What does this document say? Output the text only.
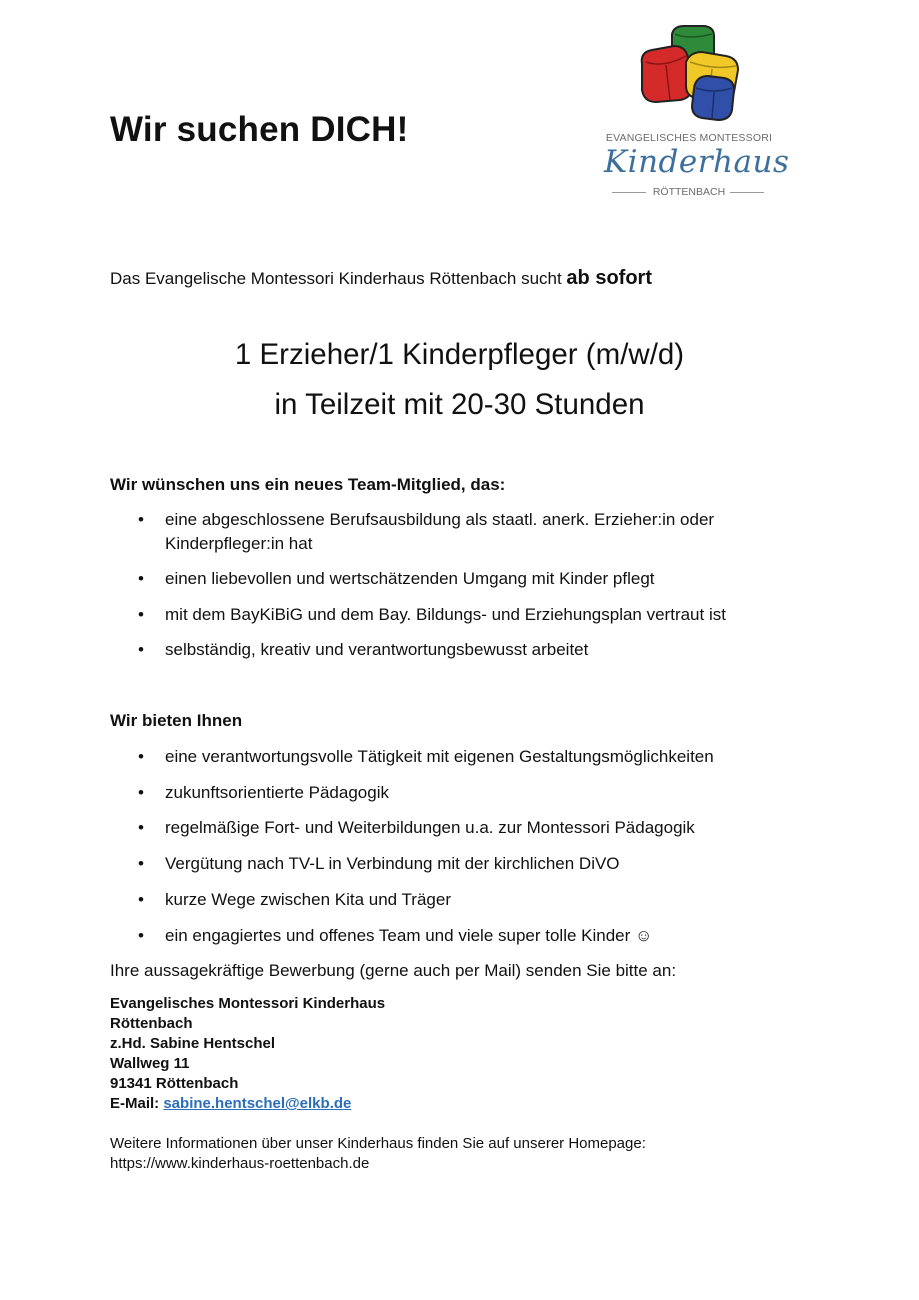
Wir suchen DICH!	EVANGELISCHES MONTESSORI
Kinderhaus
RÖTTENBACH
Das Evangelische Montessori Kinderhaus Röttenbach sucht ab sofort
1 Erzieher/1 Kinderpfleger (m/w/d)
in Teilzeit mit 20-30 Stunden
Wir wünschen uns ein neues Team-Mitglied, das:
• eine abgeschlossene Berufsausbildung als staatl. anerk. Erzieher:in oder Kinderpfleger:in hat
• einen liebevollen und wertschätzenden Umgang mit Kinder pflegt
• mit dem BayKiBiG und dem Bay. Bildungs- und Erziehungsplan vertraut ist
• selbständig, kreativ und verantwortungsbewusst arbeitet
Wir bieten Ihnen
• eine verantwortungsvolle Tätigkeit mit eigenen Gestaltungsmöglichkeiten
• zukunftsorientierte Pädagogik
• regelmäßige Fort- und Weiterbildungen u.a. zur Montessori Pädagogik
• Vergütung nach TV-L in Verbindung mit der kirchlichen DiVO
• kurze Wege zwischen Kita und Träger
• ein engagiertes und offenes Team und viele super tolle Kinder ☺
Ihre aussagekräftige Bewerbung (gerne auch per Mail) senden Sie bitte an:
Evangelisches Montessori Kinderhaus
Röttenbach
z.Hd. Sabine Hentschel
Wallweg 11
91341 Röttenbach
E-Mail: sabine.hentschel@elkb.de
Weitere Informationen über unser Kinderhaus finden Sie auf unserer Homepage:
https://www.kinderhaus-roettenbach.de
